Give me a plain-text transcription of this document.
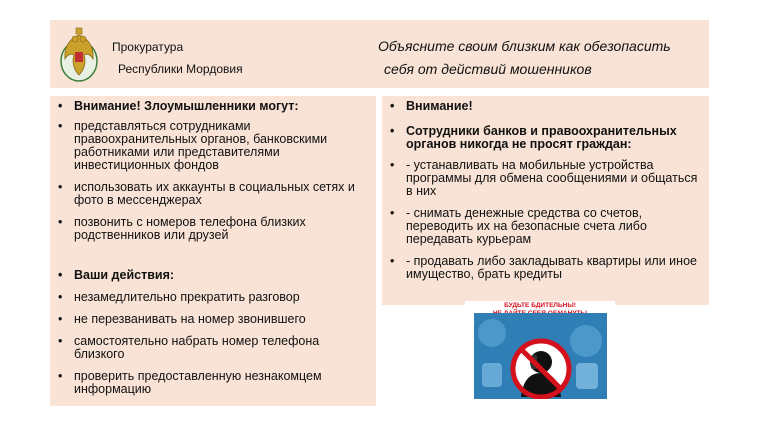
Прокуратура
Республики Мордовия
Объясните своим близким как обезопасить
себя от действий мошенников
• Внимание! Злоумышленники могут:
• представляться сотрудниками правоохранительных органов, банковскими работниками или представителями инвестиционных фондов
• использовать их аккаунты в социальных сетях и фото в мессенджерах
• позвонить с номеров телефона близких родственников или друзей
• Ваши действия:
• незамедлительно прекратить разговор
• не перезванивать на номер звонившего
• самостоятельно набрать номер телефона близкого
• проверить предоставленную незнакомцем информацию
• Внимание!
• Сотрудники банков и правоохранительных органов никогда не просят граждан:
• - устанавливать на мобильные устройства программы для обмена сообщениями и общаться в них
• - снимать денежные средства со счетов, переводить их на безопасные счета либо передавать курьерам
• - продавать либо закладывать квартиры или иное имущество, брать кредиты
БУДЬТЕ БДИТЕЛЬНЫ!
